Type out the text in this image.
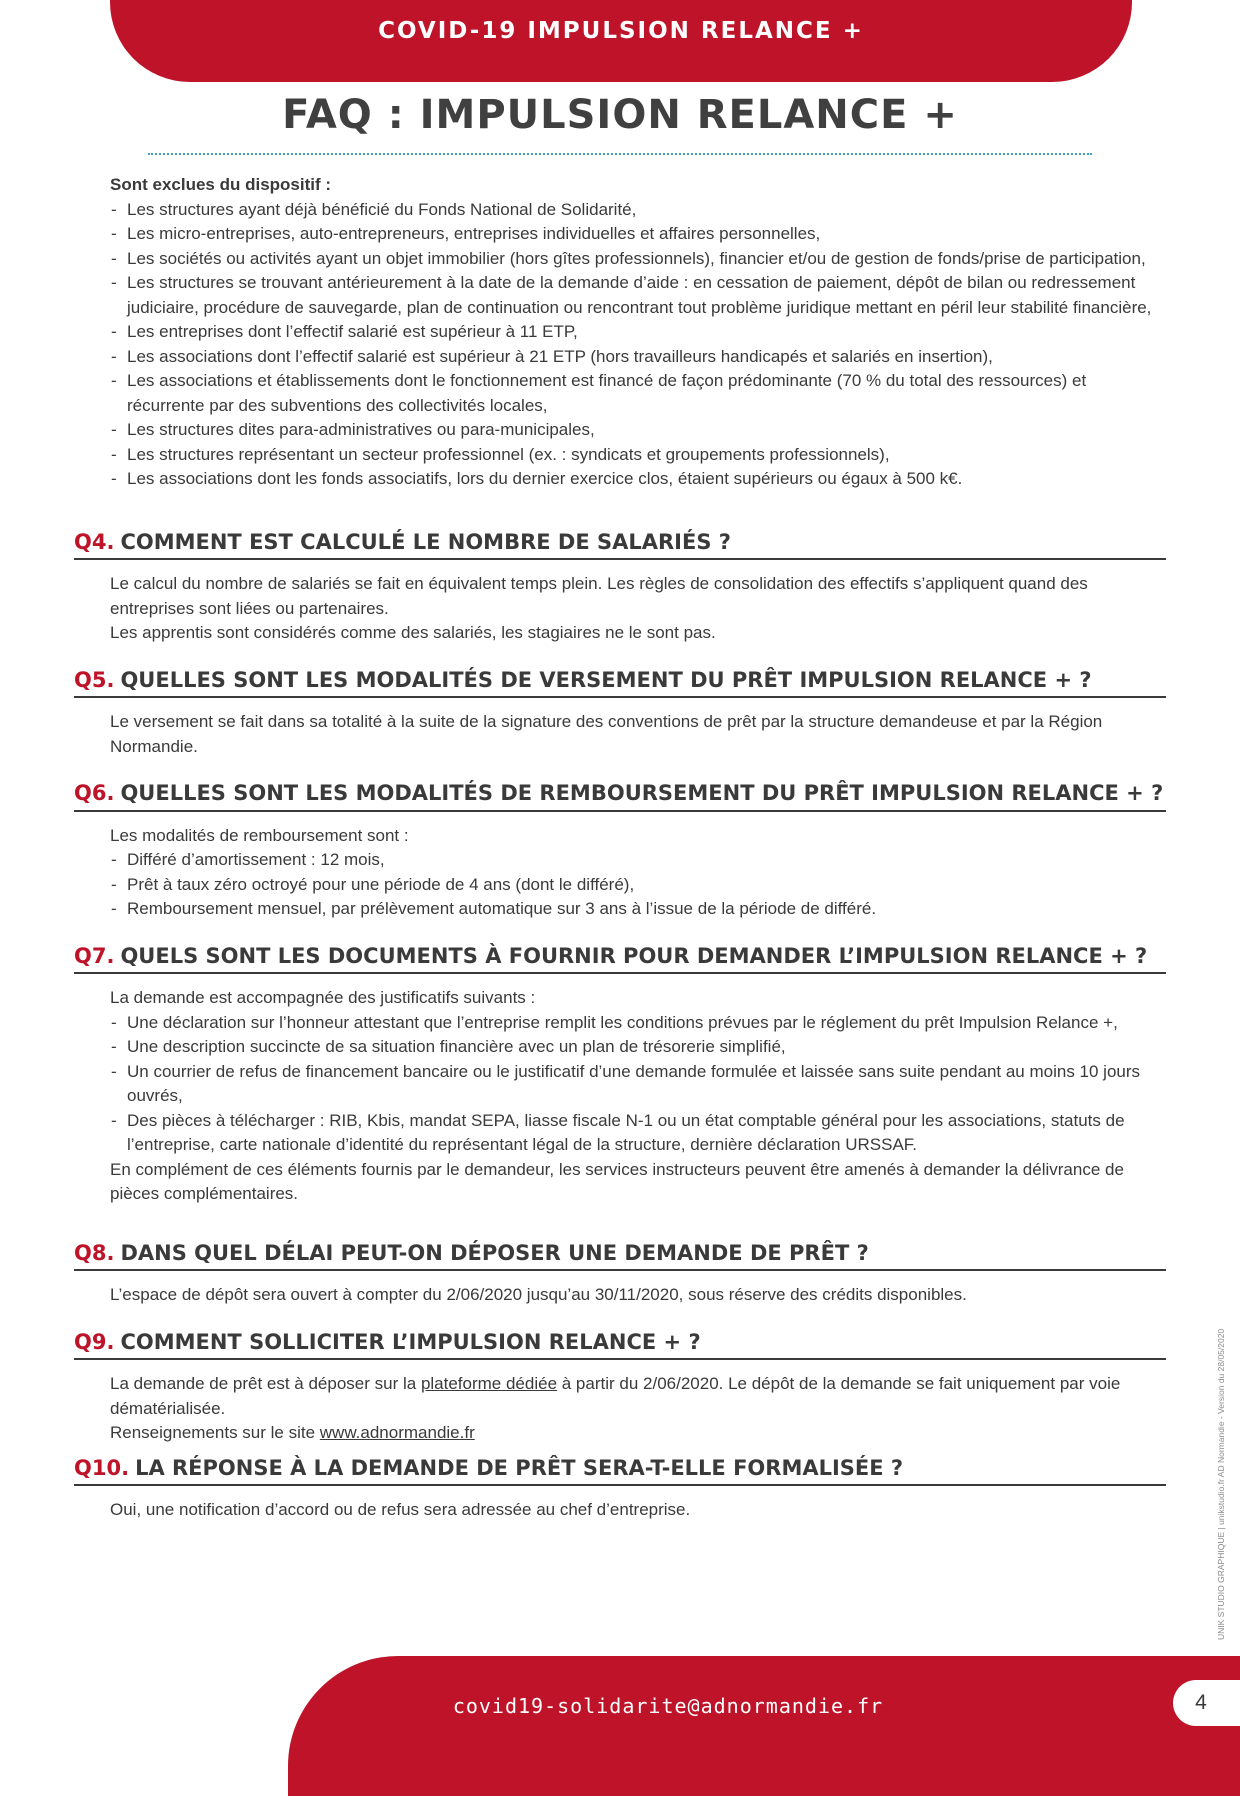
COVID-19 IMPULSION RELANCE +
FAQ : IMPULSION RELANCE +

Sont exclues du dispositif :

- Les structures ayant déjà bénéficié du Fonds National de Solidarité,
- Les micro-entreprises, auto-entrepreneurs, entreprises individuelles et affaires personnelles,
- Les sociétés ou activités ayant un objet immobilier (hors gîtes professionnels), financier et/ou de gestion de fonds/prise de participation,
- Les structures se trouvant antérieurement à la date de la demande d’aide : en cessation de paiement, dépôt de bilan ou redressement judiciaire, procédure de sauvegarde, plan de continuation ou rencontrant tout problème juridique mettant en péril leur stabilité financière,
- Les entreprises dont l’effectif salarié est supérieur à 11 ETP,
- Les associations dont l’effectif salarié est supérieur à 21 ETP (hors travailleurs handicapés et salariés en insertion),
- Les associations et établissements dont le fonctionnement est financé de façon prédominante (70 % du total des ressources) et récurrente par des subventions des collectivités locales,
- Les structures dites para-administratives ou para-municipales,
- Les structures représentant un secteur professionnel (ex. : syndicats et groupements professionnels),
- Les associations dont les fonds associatifs, lors du dernier exercice clos, étaient supérieurs ou égaux à 500 k€.
Q4. COMMENT EST CALCULÉ LE NOMBRE DE SALARIÉS ?

Le calcul du nombre de salariés se fait en équivalent temps plein. Les règles de consolidation des effectifs s’appliquent quand des entreprises sont liées ou partenaires.

Les apprentis sont considérés comme des salariés, les stagiaires ne le sont pas.

Q5. QUELLES SONT LES MODALITÉS DE VERSEMENT DU PRÊT IMPULSION RELANCE + ?

Le versement se fait dans sa totalité à la suite de la signature des conventions de prêt par la structure demandeuse et par la Région Normandie.

Q6. QUELLES SONT LES MODALITÉS DE REMBOURSEMENT DU PRÊT IMPULSION RELANCE + ?

Les modalités de remboursement sont :

- Différé d’amortissement : 12 mois,
- Prêt à taux zéro octroyé pour une période de 4 ans (dont le différé),
- Remboursement mensuel, par prélèvement automatique sur 3 ans à l’issue de la période de différé.
Q7. QUELS SONT LES DOCUMENTS À FOURNIR POUR DEMANDER L’IMPULSION RELANCE + ?

La demande est accompagnée des justificatifs suivants :

- Une déclaration sur l’honneur attestant que l’entreprise remplit les conditions prévues par le réglement du prêt Impulsion Relance +,
- Une description succincte de sa situation financière avec un plan de trésorerie simplifié,
- Un courrier de refus de financement bancaire ou le justificatif d’une demande formulée et laissée sans suite pendant au moins 10 jours ouvrés,
- Des pièces à télécharger : RIB, Kbis, mandat SEPA, liasse fiscale N-1 ou un état comptable général pour les associations, statuts de l’entreprise, carte nationale d’identité du représentant légal de la structure, dernière déclaration URSSAF.

En complément de ces éléments fournis par le demandeur, les services instructeurs peuvent être amenés à demander la délivrance de pièces complémentaires.

Q8. DANS QUEL DÉLAI PEUT-ON DÉPOSER UNE DEMANDE DE PRÊT ?

L’espace de dépôt sera ouvert à compter du 2/06/2020 jusqu’au 30/11/2020, sous réserve des crédits disponibles.

Q9. COMMENT SOLLICITER L’IMPULSION RELANCE + ?

La demande de prêt est à déposer sur la plateforme dédiée à partir du 2/06/2020. Le dépôt de la demande se fait uniquement par voie dématérialisée.

Renseignements sur le site www.adnormandie.fr

Q10. LA RÉPONSE À LA DEMANDE DE PRÊT SERA-T-ELLE FORMALISÉE ?

Oui, une notification d’accord ou de refus sera adressée au chef d’entreprise.	UNIK STUDIO GRAPHIQUE | unikstudio.fr AD Normandie - Version du 28/05/2020
covid19-solidarite@adnormandie.fr	4
